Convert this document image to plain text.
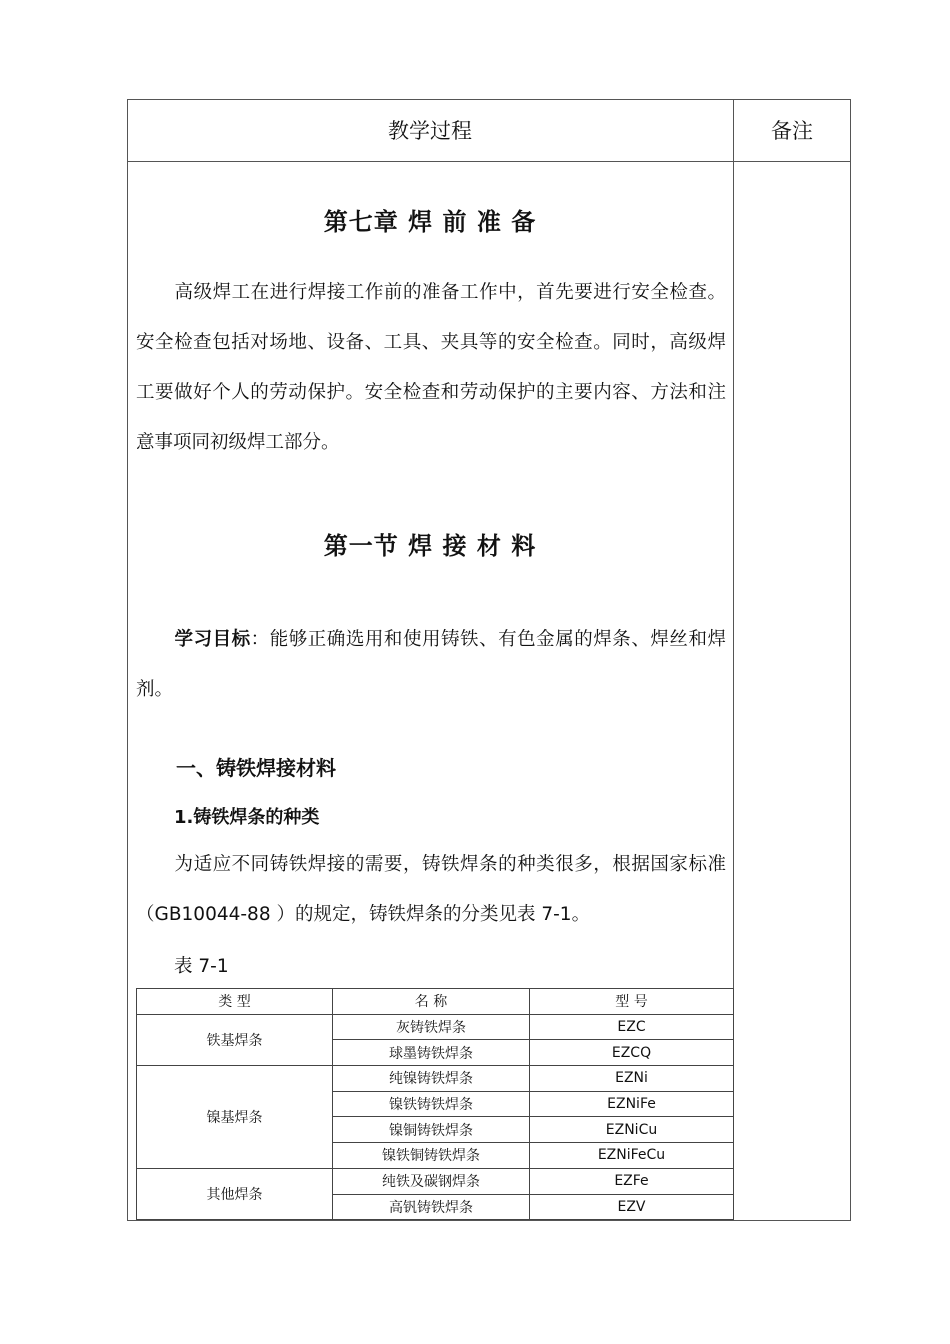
教学过程	备注
第七章 焊 前 准 备
高级焊工在进行焊接工作前的准备工作中，首先要进行安全检查。安全检查包括对场地、设备、工具、夹具等的安全检查。同时，高级焊工要做好个人的劳动保护。安全检查和劳动保护的主要内容、方法和注意事项同初级焊工部分。
第一节 焊 接 材 料
学习目标：能够正确选用和使用铸铁、有色金属的焊条、焊丝和焊剂。
一、铸铁焊接材料
1.铸铁焊条的种类
为适应不同铸铁焊接的需要，铸铁焊条的种类很多，根据国家标准（GB10044-88 ）的规定，铸铁焊条的分类见表 7-1。
表 7-1
类 型	名 称	型 号
铁基焊条	灰铸铁焊条	EZC
	球墨铸铁焊条	EZCQ
镍基焊条	纯镍铸铁焊条	EZNi
	镍铁铸铁焊条	EZNiFe
	镍铜铸铁焊条	EZNiCu
	镍铁铜铸铁焊条	EZNiFeCu
其他焊条	纯铁及碳钢焊条	EZFe
	高钒铸铁焊条	EZV
